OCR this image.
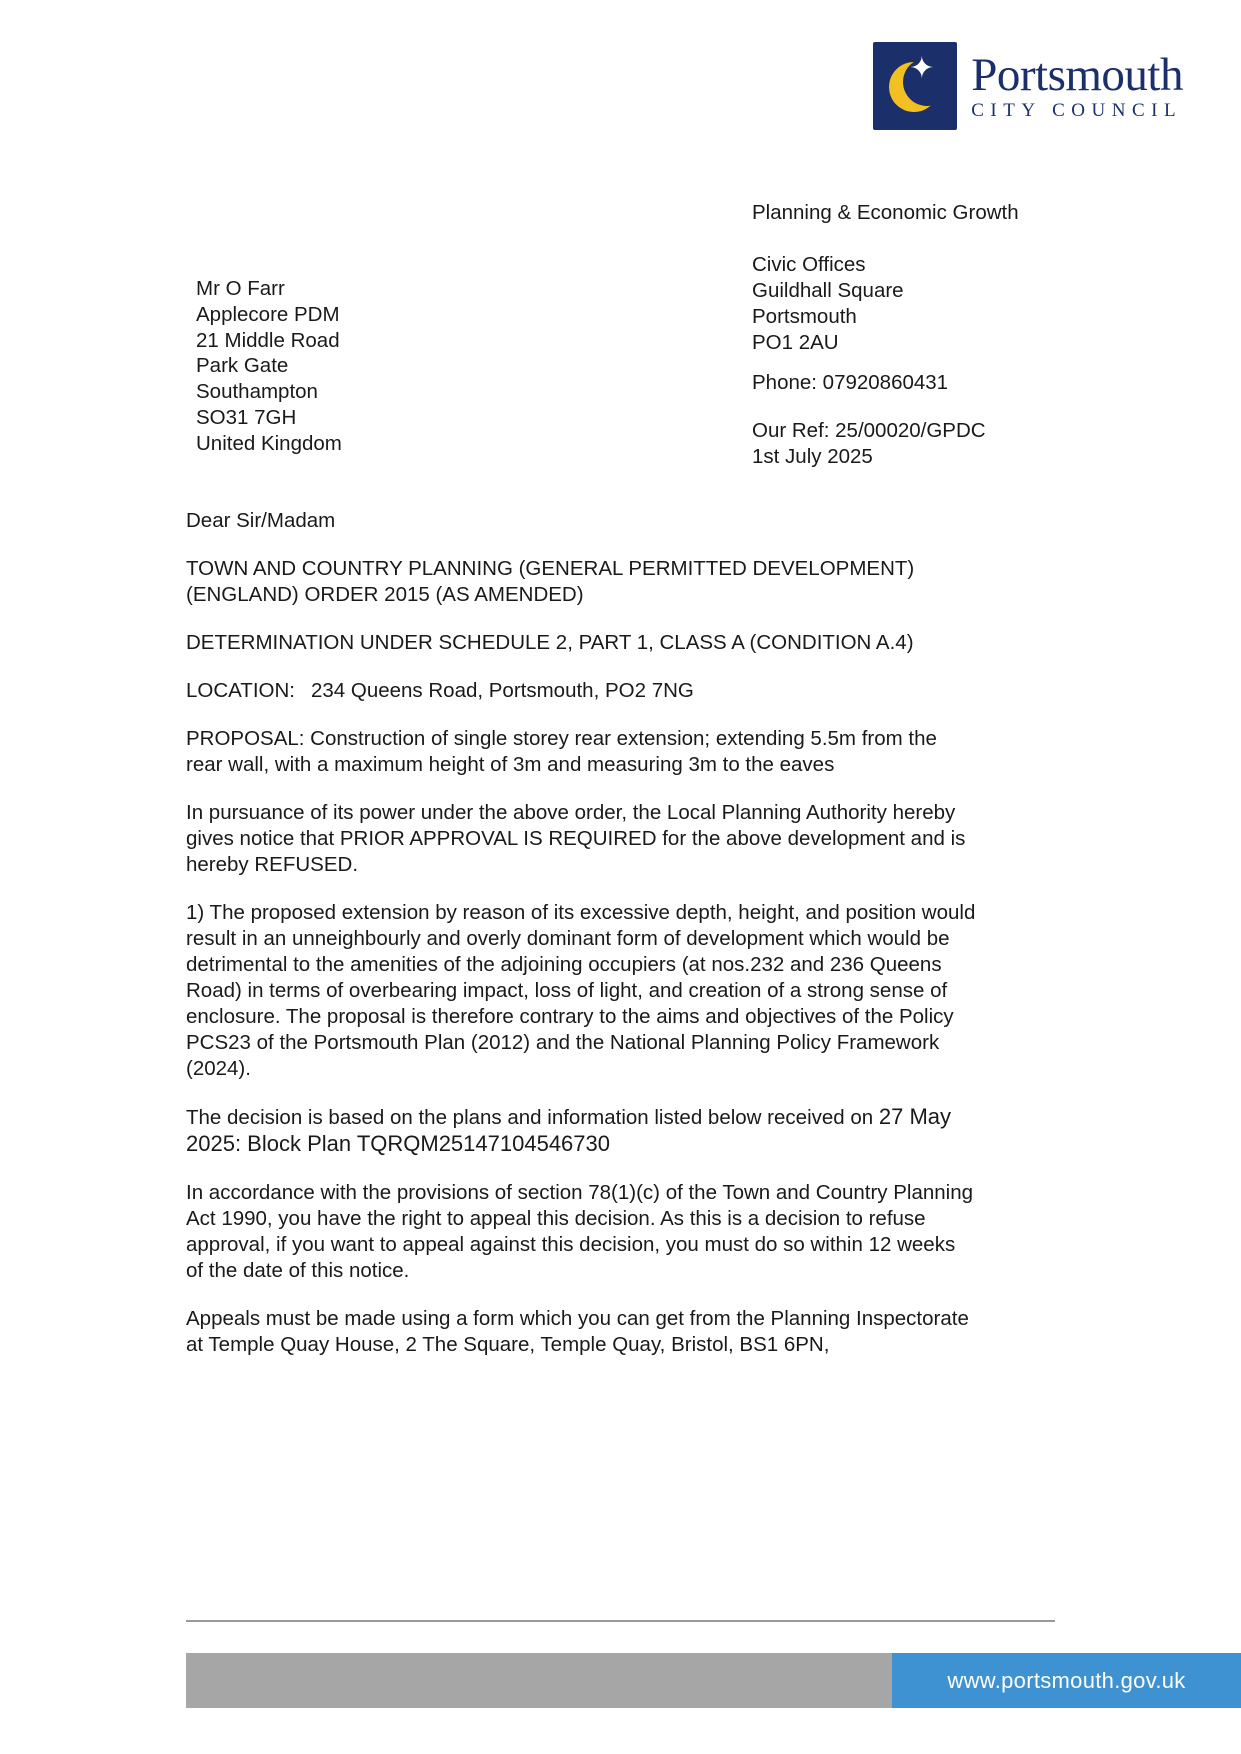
✦ Portsmouth
CITY COUNCIL
Planning & Economic Growth
Civic Offices
Guildhall Square
Portsmouth
PO1 2AU
Phone: 07920860431
Our Ref: 25/00020/GPDC
1st July 2025
Mr O Farr
Applecore PDM
21 Middle Road
Park Gate
Southampton
SO31 7GH
United Kingdom

Dear Sir/Madam

TOWN AND COUNTRY PLANNING (GENERAL PERMITTED DEVELOPMENT) (ENGLAND) ORDER 2015 (AS AMENDED)

DETERMINATION UNDER SCHEDULE 2, PART 1, CLASS A (CONDITION A.4)

LOCATION: 234 Queens Road, Portsmouth, PO2 7NG

PROPOSAL: Construction of single storey rear extension; extending 5.5m from the rear wall, with a maximum height of 3m and measuring 3m to the eaves

In pursuance of its power under the above order, the Local Planning Authority hereby gives notice that PRIOR APPROVAL IS REQUIRED for the above development and is hereby REFUSED.

1) The proposed extension by reason of its excessive depth, height, and position would result in an unneighbourly and overly dominant form of development which would be detrimental to the amenities of the adjoining occupiers (at nos.232 and 236 Queens Road) in terms of overbearing impact, loss of light, and creation of a strong sense of enclosure. The proposal is therefore contrary to the aims and objectives of the Policy PCS23 of the Portsmouth Plan (2012) and the National Planning Policy Framework (2024).

The decision is based on the plans and information listed below received on 27 May 2025: Block Plan TQRQM25147104546730

In accordance with the provisions of section 78(1)(c) of the Town and Country Planning Act 1990, you have the right to appeal this decision. As this is a decision to refuse approval, if you want to appeal against this decision, you must do so within 12 weeks of the date of this notice.

Appeals must be made using a form which you can get from the Planning Inspectorate at Temple Quay House, 2 The Square, Temple Quay, Bristol, BS1 6PN,

www.portsmouth.gov.uk
